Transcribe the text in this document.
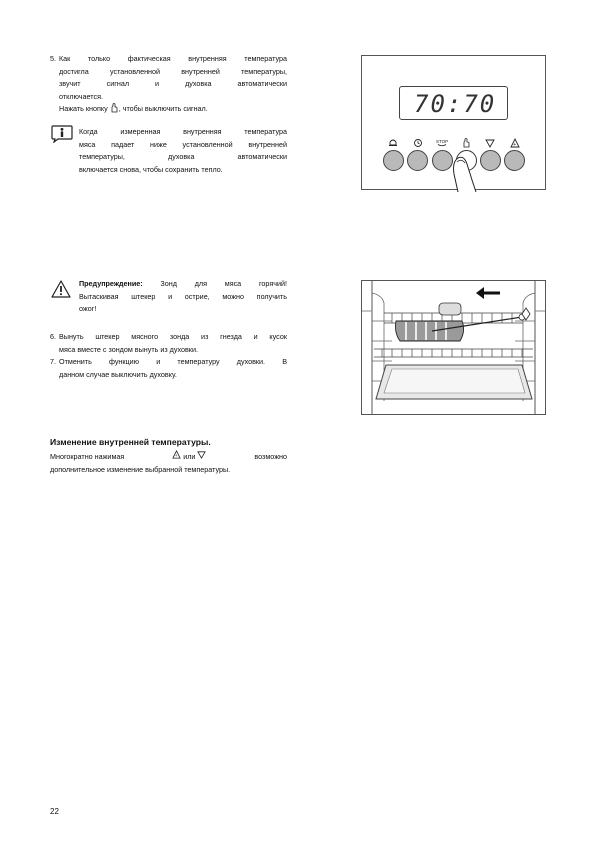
5. Как только фактическая внутренняя температура
достигла установленной внутренней температуры,
звучит сигнал и духовка автоматически
отключается.
Нажать кнопку , чтобы выключить сигнал.
Когда измеренная внутренняя температура
мяса падает ниже установленной внутренней
температуры, духовка автоматически
включается снова, чтобы сохранить тепло.
70:70
STOP
+
Предупреждение: Зонд для мяса горячий!
Вытаскивая штекер и острие, можно получить
ожог!
6. Вынуть штекер мясного зонда из гнезда и кусок
мяса вместе с зондом вынуть из духовки.
7. Отменить функцию и температуру духовки. В
данном случае выключить духовку.
Изменение внутренней температуры.
Многократно нажимая	+ или	возможно
дополнительное изменение выбранной температуры.
22
